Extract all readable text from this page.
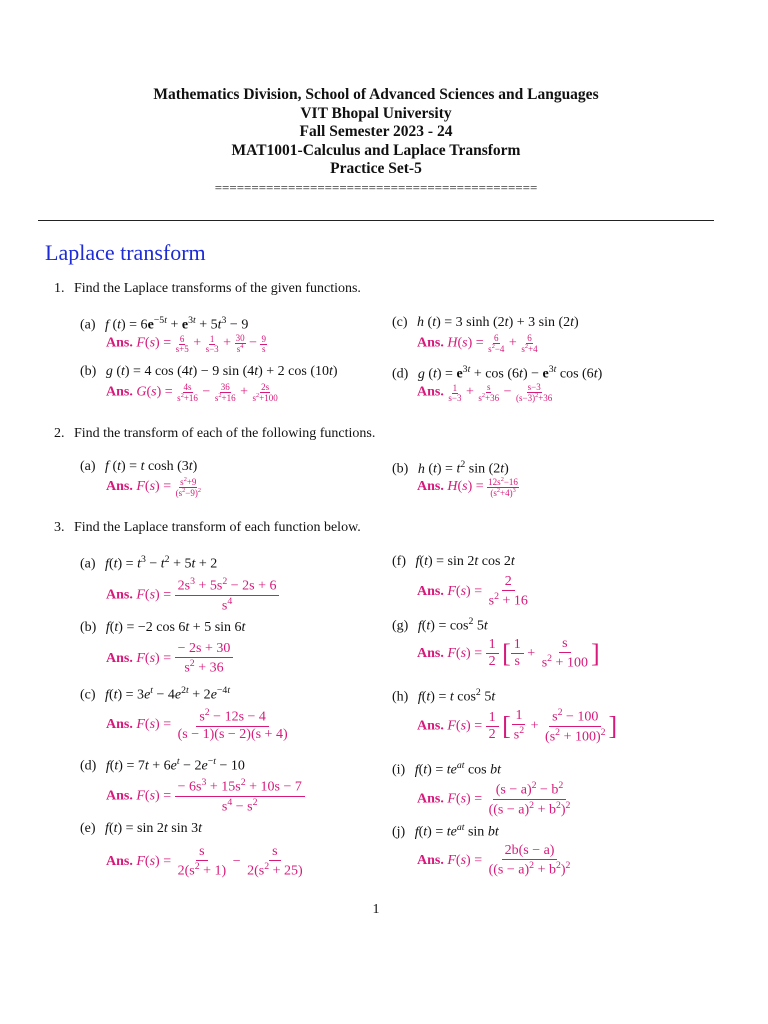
Mathematics Division, School of Advanced Sciences and Languages
VIT Bhopal University
Fall Semester 2023 - 24
MAT1001-Calculus and Laplace Transform
Practice Set-5
============================================
Laplace transform
1. Find the Laplace transforms of the given functions.
(a) f $(t) = 6e^{-5t} + e^{3t} + 5t^3 - 9$
Ans. $F(s) = \frac{6}{s+5} + \frac{1}{s-3} + \frac{30}{s^4} - \frac{9}{s}$
(c) h (t) = 3 sinh (2t) + 3 sin (2t)
Ans. $H(s) = \frac{6}{s^2-4} + \frac{6}{s^2+4}$
(b) g (t) = 4 cos (4t) − 9 sin (4t) + 2 cos (10t)
Ans. $G(s) = \frac{4s}{s^2+16} - \frac{36}{s^2+16} + \frac{2s}{s^2+100}$
(d) g $(t) = e^{3t} + \cos (6t) - e^{3t}$ cos (6t)
Ans. $\frac{1}{s-3} + \frac{s}{s^2+36} - \frac{s-3}{(s-3)^2+36}$
2. Find the transform of each of the following functions.
(a) f (t) = t cosh (3t)
Ans. $F(s) = \frac{s^2+9}{(s^2-9)^2}$
(b) h $(t) = t^2$ sin (2t)
Ans. $H(s) = \frac{12s^2-16}{(s^2+4)^3}$
3. Find the Laplace transform of each function below.
(a) $f(t) = t^3 - t^2 + 5t + 2$
Ans. $F(s) = \frac{2s^3 + 5s^2 - 2s + 6}{s^4}$
(b) f(t) = −2 cos 6t + 5 sin 6t
Ans. $F(s) = \frac{- 2s + 30}{s^2 + 36}$
(c) $f(t) = 3e^t - 4e^{2t} + 2e^{-4t}$
Ans. $F(s) = \frac{s^2 - 12s - 4}{(s - 1)(s - 2)(s + 4)}$
(d) $f(t) = 7t + 6e^t - 2e^{-t} - 10$
Ans. $F(s) = \frac{- 6s^3 + 15s^2 + 10s - 7}{s^4 - s^2}$
(e) f(t) = sin 2t sin 3t
Ans. $F(s) = \frac{s}{2(s^2 + 1)} - \frac{s}{2(s^2 + 25)}$
(f) f(t) = sin 2t cos 2t
Ans. $F(s) = \frac{2}{s^2 + 16}$
(g) $f(t) = \cos^2 5t$
Ans. $F(s) = \frac{1}{2}$ [ $\frac{1}{s} + \frac{s}{s^2 + 100}$ ]
(h) f(t) = t $\cos^2 5t$
Ans. $F(s) = \frac{1}{2}$ [ $\frac{1}{s^2} + \frac{s^2 - 100}{(s^2 + 100)^2}$ ]
(i) $f(t) = te^{at}$ cos bt
Ans. $F(s) = \frac{(s - a)^2 - b^2}{((s - a)^2 + b^2)^2}$
(j) $f(t) = te^{at}$ sin bt
Ans. $F(s) = \frac{2b(s - a)}{((s - a)^2 + b^2)^2}$
1
